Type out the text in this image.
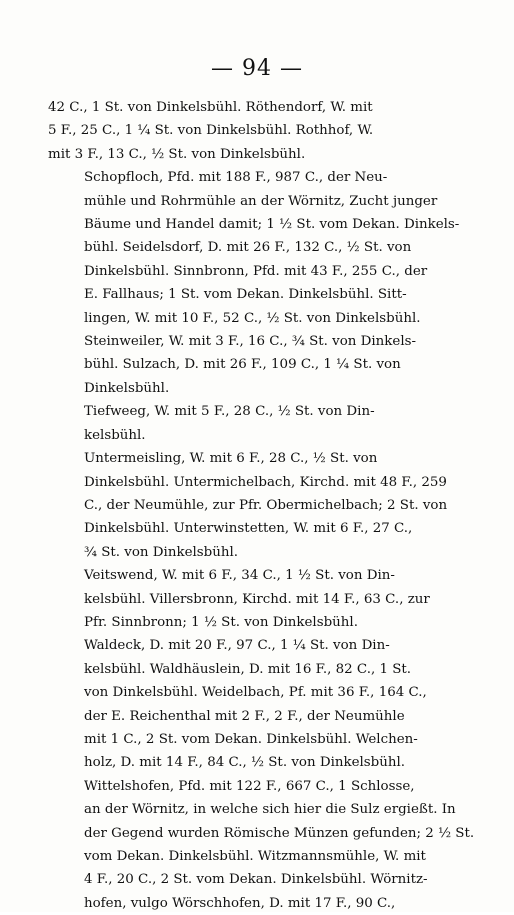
— 94 —
42 C., 1 St. von Dinkelsbühl. Röthendorf, W. mit
5 F., 25 C., 1 ¼ St. von Dinkelsbühl. Rothhof, W.
mit 3 F., 13 C., ½ St. von Dinkelsbühl.
Schopfloch, Pfd. mit 188 F., 987 C., der Neu-
mühle und Rohrmühle an der Wörnitz, Zucht junger
Bäume und Handel damit; 1 ½ St. vom Dekan. Dinkels-
bühl. Seidelsdorf, D. mit 26 F., 132 C., ½ St. von
Dinkelsbühl. Sinnbronn, Pfd. mit 43 F., 255 C., der
E. Fallhaus; 1 St. vom Dekan. Dinkelsbühl. Sitt-
lingen, W. mit 10 F., 52 C., ½ St. von Dinkelsbühl.
Steinweiler, W. mit 3 F., 16 C., ¾ St. von Dinkels-
bühl. Sulzach, D. mit 26 F., 109 C., 1 ¼ St. von
Dinkelsbühl.
Tiefweeg, W. mit 5 F., 28 C., ½ St. von Din-
kelsbühl.
Untermeisling, W. mit 6 F., 28 C., ½ St. von
Dinkelsbühl. Untermichelbach, Kirchd. mit 48 F., 259
C., der Neumühle, zur Pfr. Obermichelbach; 2 St. von
Dinkelsbühl. Unterwinstetten, W. mit 6 F., 27 C.,
¾ St. von Dinkelsbühl.
Veitswend, W. mit 6 F., 34 C., 1 ½ St. von Din-
kelsbühl. Villersbronn, Kirchd. mit 14 F., 63 C., zur
Pfr. Sinnbronn; 1 ½ St. von Dinkelsbühl.
Waldeck, D. mit 20 F., 97 C., 1 ¼ St. von Din-
kelsbühl. Waldhäuslein, D. mit 16 F., 82 C., 1 St.
von Dinkelsbühl. Weidelbach, Pf. mit 36 F., 164 C.,
der E. Reichenthal mit 2 F., 2 F., der Neumühle
mit 1 C., 2 St. vom Dekan. Dinkelsbühl. Welchen-
holz, D. mit 14 F., 84 C., ½ St. von Dinkelsbühl.
Wittelshofen, Pfd. mit 122 F., 667 C., 1 Schlosse,
an der Wörnitz, in welche sich hier die Sulz ergießt. In
der Gegend wurden Römische Münzen gefunden; 2 ½ St.
vom Dekan. Dinkelsbühl. Witzmannsmühle, W. mit
4 F., 20 C., 2 St. vom Dekan. Dinkelsbühl. Wörnitz-
hofen, vulgo Wörschhofen, D. mit 17 F., 90 C.,
